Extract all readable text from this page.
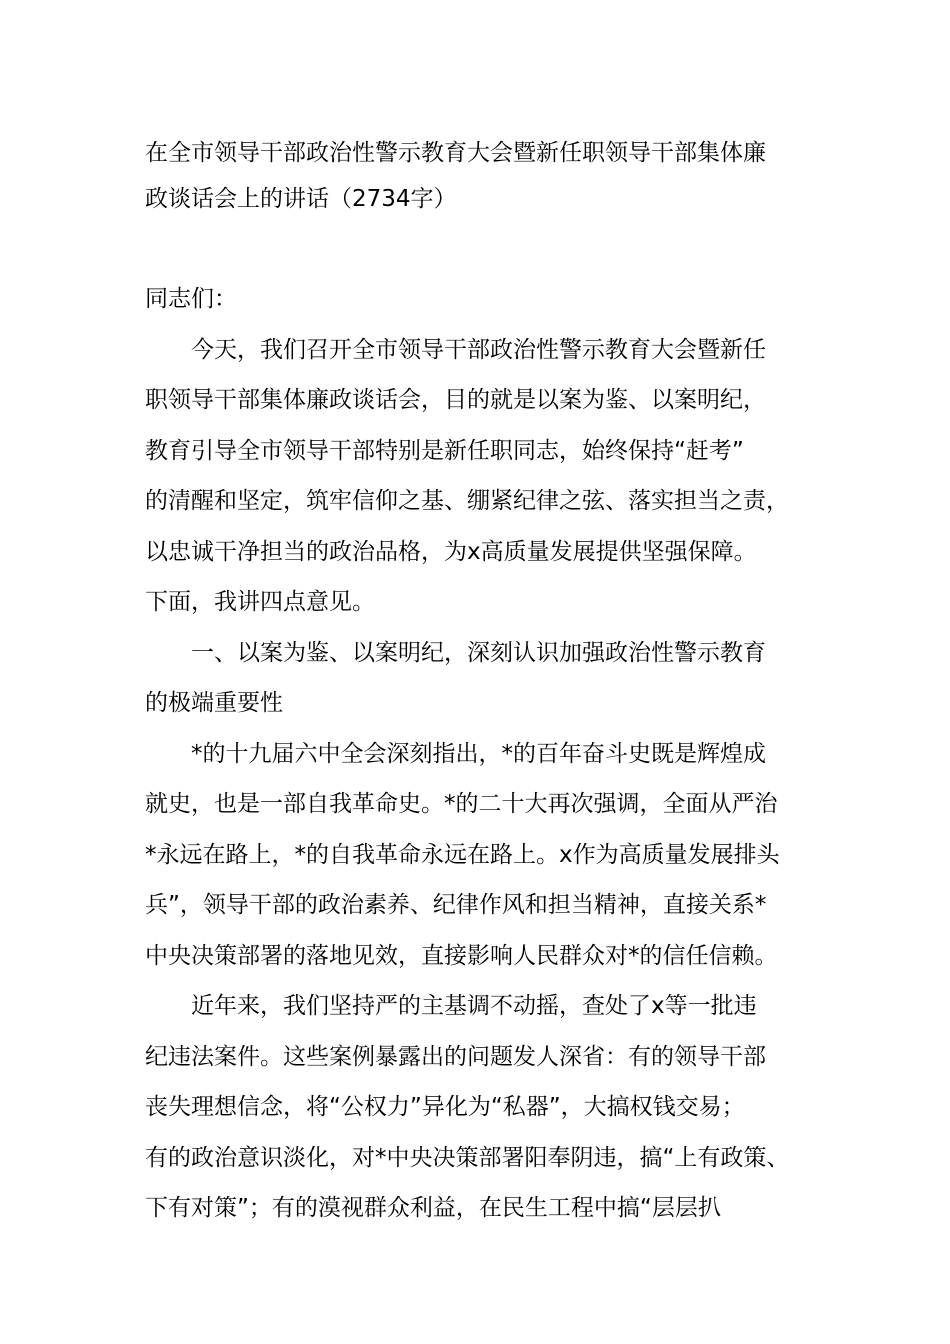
在全市领导干部政治性警示教育大会暨新任职领导干部集体廉
政谈话会上的讲话（2734字）
同志们：
今天，我们召开全市领导干部政治性警示教育大会暨新任
职领导干部集体廉政谈话会，目的就是以案为鉴、以案明纪，
教育引导全市领导干部特别是新任职同志，始终保持“赶考”
的清醒和坚定，筑牢信仰之基、绷紧纪律之弦、落实担当之责，
以忠诚干净担当的政治品格，为x高质量发展提供坚强保障。
下面，我讲四点意见。
一、以案为鉴、以案明纪，深刻认识加强政治性警示教育
的极端重要性
*的十九届六中全会深刻指出，*的百年奋斗史既是辉煌成
就史，也是一部自我革命史。*的二十大再次强调，全面从严治
*永远在路上，*的自我革命永远在路上。x作为高质量发展排头
兵”，领导干部的政治素养、纪律作风和担当精神，直接关系*
中央决策部署的落地见效，直接影响人民群众对*的信任信赖。
近年来，我们坚持严的主基调不动摇，查处了x等一批违
纪违法案件。这些案例暴露出的问题发人深省：有的领导干部
丧失理想信念，将“公权力”异化为“私器”，大搞权钱交易；
有的政治意识淡化，对*中央决策部署阳奉阴违，搞“上有政策、
下有对策”；有的漠视群众利益，在民生工程中搞“层层扒
